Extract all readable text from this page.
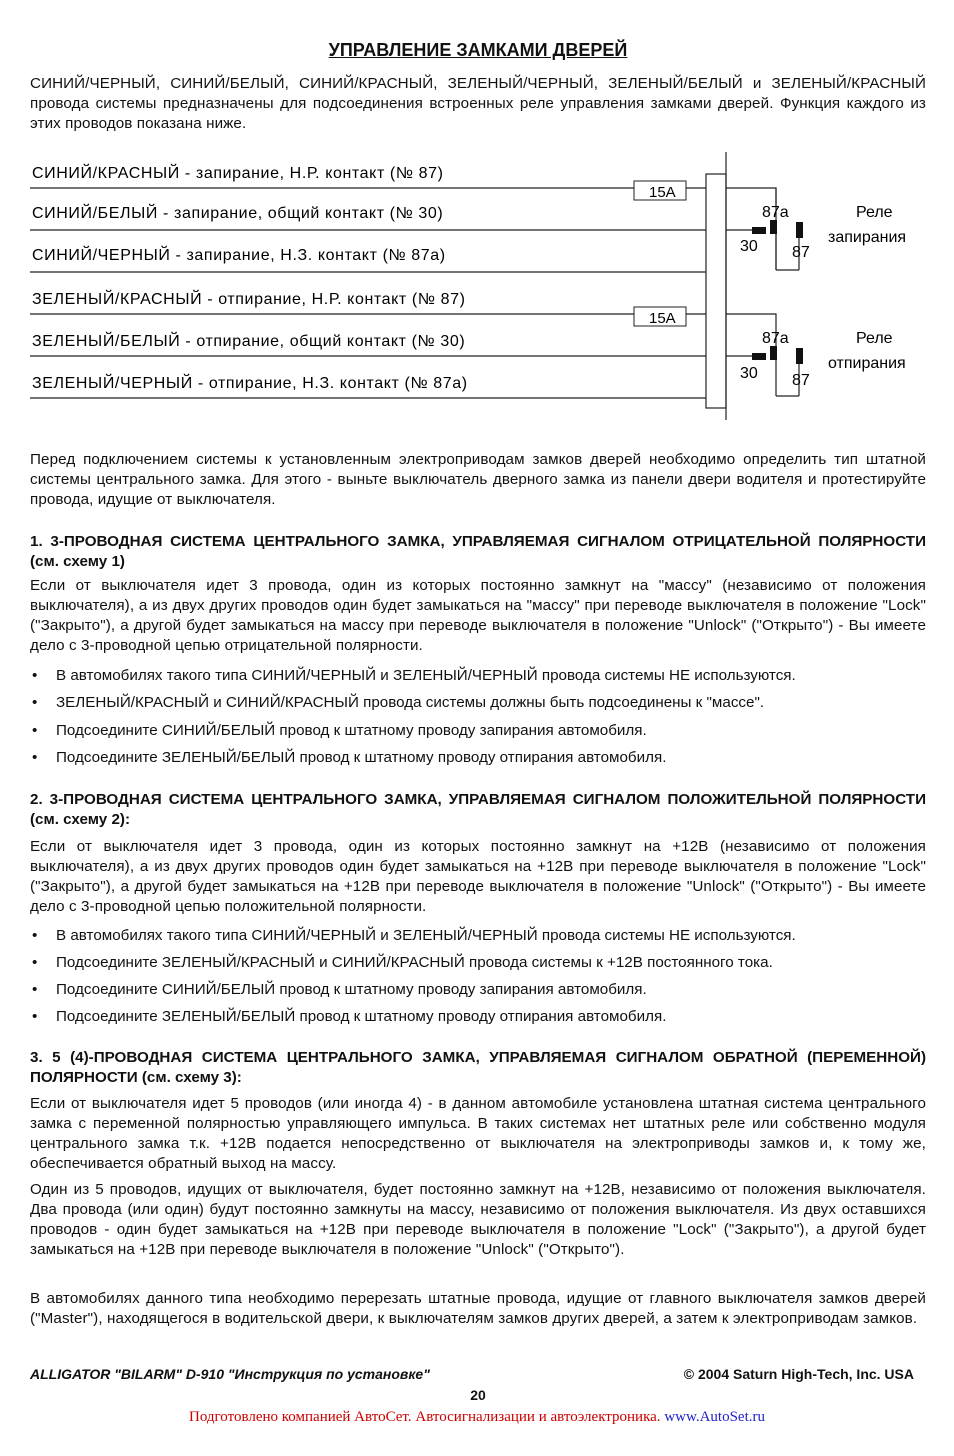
УПРАВЛЕНИЕ ЗАМКАМИ ДВЕРЕЙ
СИНИЙ/ЧЕРНЫЙ, СИНИЙ/БЕЛЫЙ, СИНИЙ/КРАСНЫЙ, ЗЕЛЕНЫЙ/ЧЕРНЫЙ, ЗЕЛЕНЫЙ/БЕЛЫЙ и ЗЕЛЕНЫЙ/КРАСНЫЙ провода системы предназначены для подсоединения встроенных реле управления замками дверей. Функция каждого из этих проводов показана ниже.
СИНИЙ/КРАСНЫЙ - запирание, Н.Р. контакт (№ 87)
СИНИЙ/БЕЛЫЙ - запирание, общий контакт (№ 30)
СИНИЙ/ЧЕРНЫЙ - запирание, Н.З. контакт (№ 87a)
ЗЕЛЕНЫЙ/КРАСНЫЙ - отпирание, Н.Р. контакт (№ 87)
ЗЕЛЕНЫЙ/БЕЛЫЙ - отпирание, общий контакт (№ 30)
ЗЕЛЕНЫЙ/ЧЕРНЫЙ - отпирание, Н.З. контакт (№ 87a)
15A
15A
87a
30 87
Реле
запирания
87a
30 87
Реле
отпирания
Перед подключением системы к установленным электроприводам замков дверей необходимо определить тип штатной системы центрального замка. Для этого - выньте выключатель дверного замка из панели двери водителя и протестируйте провода, идущие от выключателя.
1. 3-ПРОВОДНАЯ СИСТЕМА ЦЕНТРАЛЬНОГО ЗАМКА, УПРАВЛЯЕМАЯ СИГНАЛОМ ОТРИЦАТЕЛЬНОЙ ПОЛЯРНОСТИ (см. схему 1)
Если от выключателя идет 3 провода, один из которых постоянно замкнут на "массу" (независимо от положения выключателя), а из двух других проводов один будет замыкаться на "массу" при переводе выключателя в положение "Lock" ("Закрыто"), а другой будет замыкаться на массу при переводе выключателя в положение "Unlock" ("Открыто") - Вы имеете дело с 3-проводной цепью отрицательной полярности.
• В автомобилях такого типа СИНИЙ/ЧЕРНЫЙ и ЗЕЛЕНЫЙ/ЧЕРНЫЙ провода системы НЕ используются.
• ЗЕЛЕНЫЙ/КРАСНЫЙ и СИНИЙ/КРАСНЫЙ провода системы должны быть подсоединены к "массе".
• Подсоедините СИНИЙ/БЕЛЫЙ провод к штатному проводу запирания автомобиля.
• Подсоедините ЗЕЛЕНЫЙ/БЕЛЫЙ провод к штатному проводу отпирания автомобиля.
2. 3-ПРОВОДНАЯ СИСТЕМА ЦЕНТРАЛЬНОГО ЗАМКА, УПРАВЛЯЕМАЯ СИГНАЛОМ ПОЛОЖИТЕЛЬНОЙ ПОЛЯРНОСТИ (см. схему 2):
Если от выключателя идет 3 провода, один из которых постоянно замкнут на +12В (независимо от положения выключателя), а из двух других проводов один будет замыкаться на +12В при переводе выключателя в положение "Lock" ("Закрыто"), а другой будет замыкаться на +12В при переводе выключателя в положение "Unlock" ("Открыто") - Вы имеете дело с 3-проводной цепью положительной полярности.
• В автомобилях такого типа СИНИЙ/ЧЕРНЫЙ и ЗЕЛЕНЫЙ/ЧЕРНЫЙ провода системы НЕ используются.
• Подсоедините ЗЕЛЕНЫЙ/КРАСНЫЙ и СИНИЙ/КРАСНЫЙ провода системы к +12В постоянного тока.
• Подсоедините СИНИЙ/БЕЛЫЙ провод к штатному проводу запирания автомобиля.
• Подсоедините ЗЕЛЕНЫЙ/БЕЛЫЙ провод к штатному проводу отпирания автомобиля.
3. 5 (4)-ПРОВОДНАЯ СИСТЕМА ЦЕНТРАЛЬНОГО ЗАМКА, УПРАВЛЯЕМАЯ СИГНАЛОМ ОБРАТНОЙ (ПЕРЕМЕННОЙ) ПОЛЯРНОСТИ (см. схему 3):
Если от выключателя идет 5 проводов (или иногда 4) - в данном автомобиле установлена штатная система центрального замка с переменной полярностью управляющего импульса. В таких системах нет штатных реле или собственно модуля центрального замка т.к. +12В подается непосредственно от выключателя на электроприводы замков и, к тому же, обеспечивается обратный выход на массу.
Один из 5 проводов, идущих от выключателя, будет постоянно замкнут на +12В, независимо от положения выключателя. Два провода (или один) будут постоянно замкнуты на массу, независимо от положения выключателя. Из двух оставшихся проводов - один будет замыкаться на +12В при переводе выключателя в положение "Lock" ("Закрыто"), а другой будет замыкаться на +12В при переводе выключателя в положение "Unlock" ("Открыто").
В автомобилях данного типа необходимо перерезать штатные провода, идущие от главного выключателя замков дверей ("Master"), находящегося в водительской двери, к выключателям замков других дверей, а затем к электроприводам замков.
ALLIGATOR "BILARM" D-910 "Инструкция по установке"	© 2004 Saturn High-Tech, Inc. USA
20
Подготовлено компанией АвтоСет. Автосигнализации и автоэлектроника. www.AutoSet.ru
